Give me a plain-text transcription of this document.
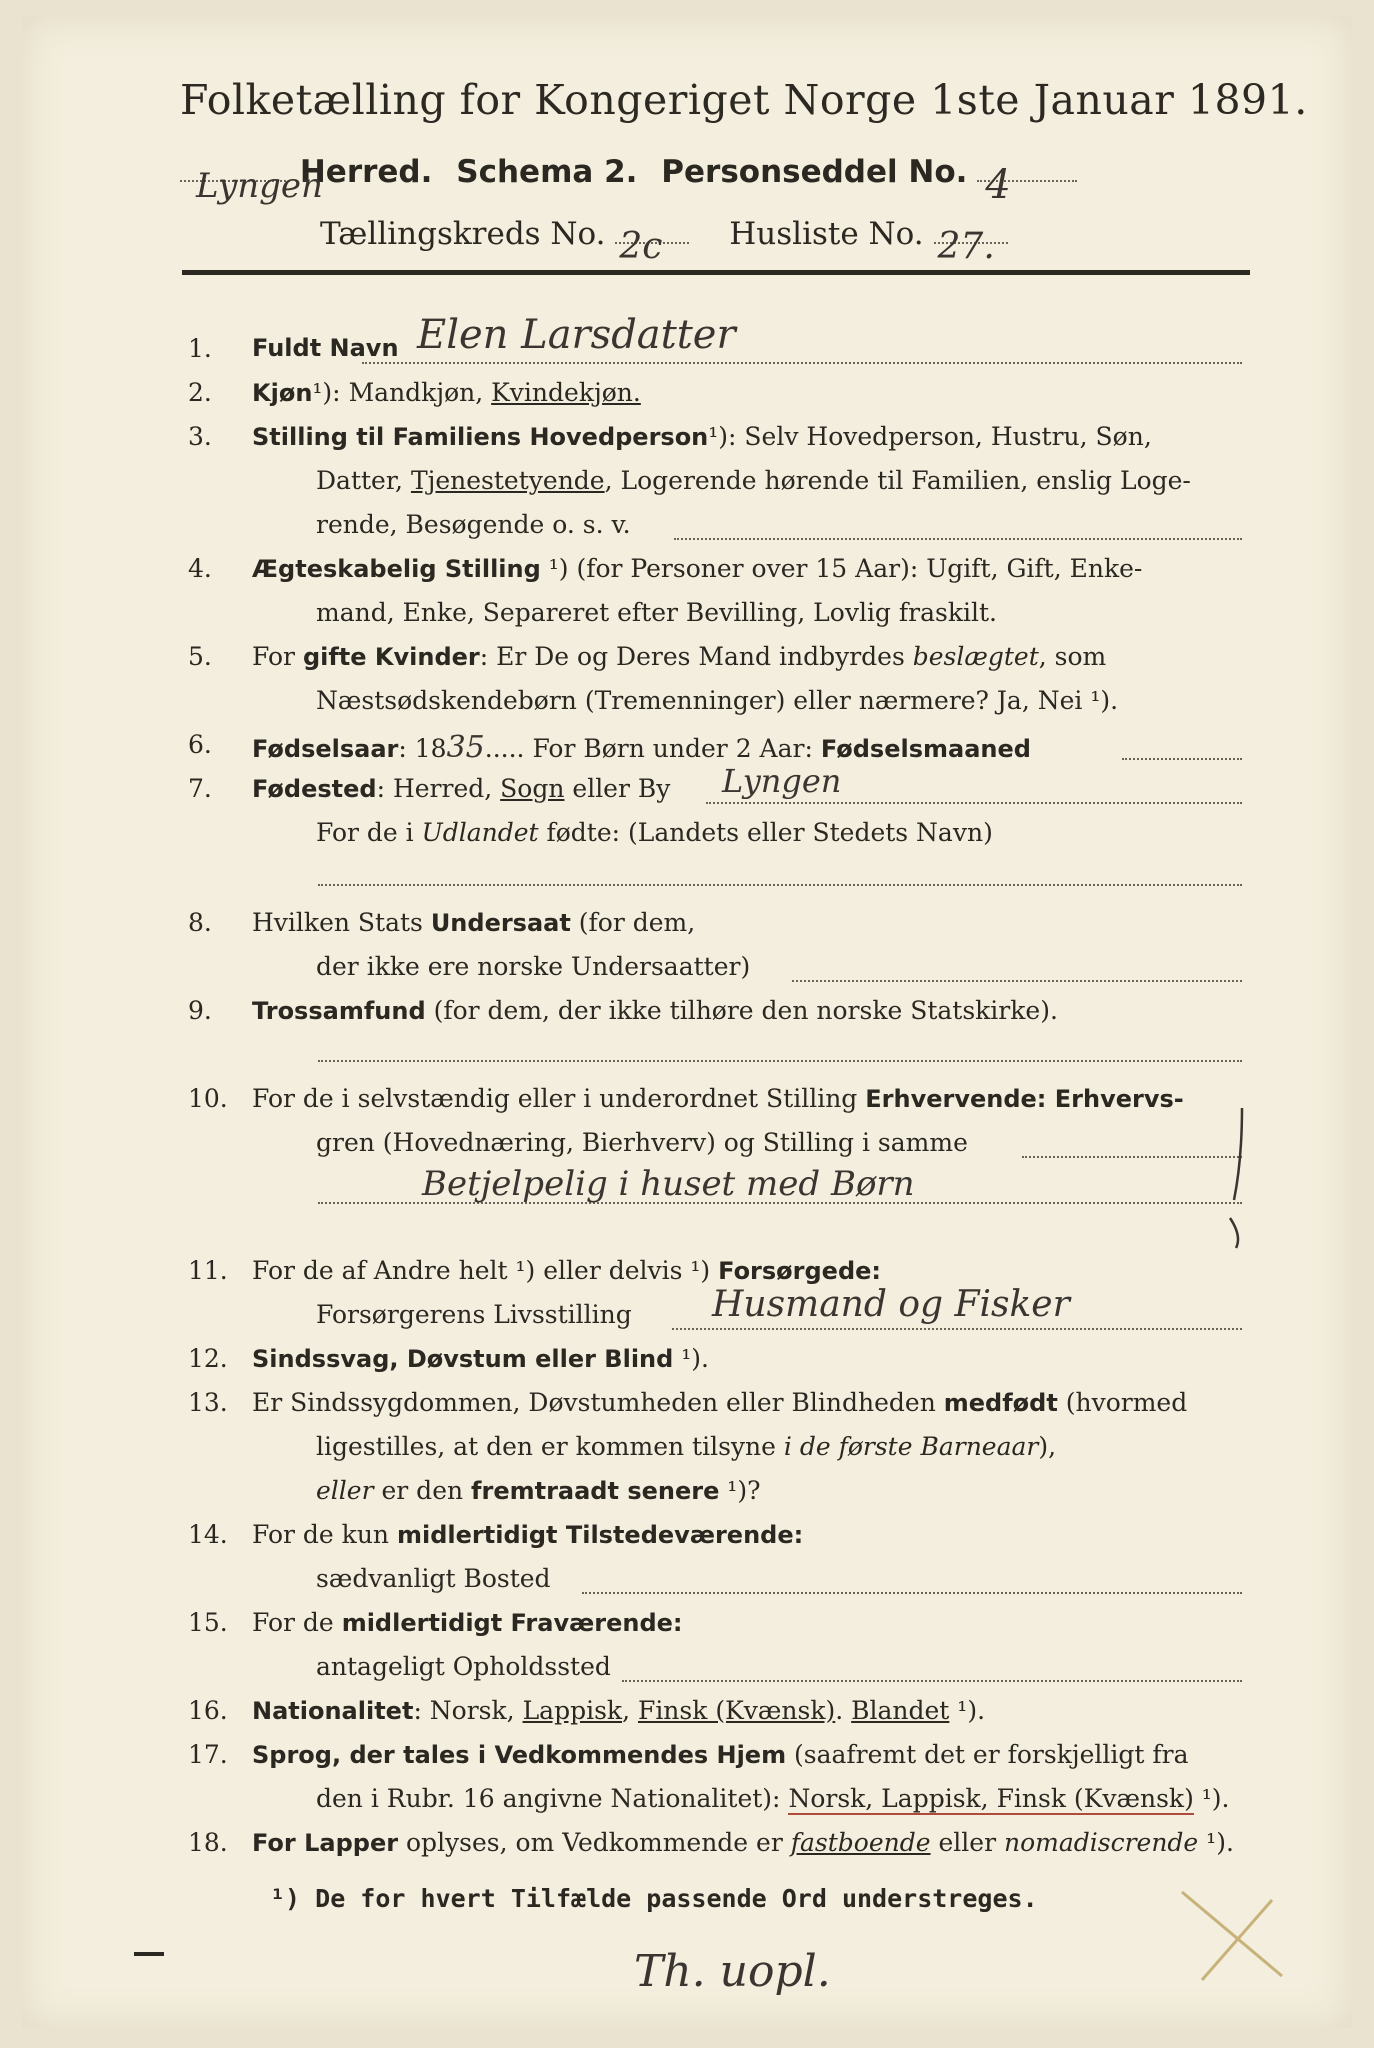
Folketælling for Kongeriget Norge 1ste Januar 1891.
Lyngen
Herred. Schema 2. Personseddel No. 4
Tællingskreds No. 2c Husliste No. 27.
1.	Fuldt Navn Elen Larsdatter
2.	Kjøn¹): Mandkjøn, Kvindekjøn.
3.	Stilling til Familiens Hovedperson¹): Selv Hovedperson, Hustru, Søn,
Datter, Tjenestetyende, Logerende hørende til Familien, enslig Loge-
rende, Besøgende o. s. v.
4.	Ægteskabelig Stilling ¹) (for Personer over 15 Aar): Ugift, Gift, Enke-
mand, Enke, Separeret efter Bevilling, Lovlig fraskilt.
5.	For gifte Kvinder: Er De og Deres Mand indbyrdes beslægtet, som
Næstsødskendebørn (Tremenninger) eller nærmere? Ja, Nei ¹).
6.	Fødselsaar: 1835..... For Børn under 2 Aar: Fødselsmaaned
7.	Fødested: Herred, Sogn eller By Lyngen
For de i Udlandet fødte: (Landets eller Stedets Navn)
8.	Hvilken Stats Undersaat (for dem,
der ikke ere norske Undersaatter)
9.	Trossamfund (for dem, der ikke tilhøre den norske Statskirke).
10. For de i selvstændig eller i underordnet Stilling Erhvervende: Erhvervs-
gren (Hovednæring, Bierhverv) og Stilling i samme
Betjelpelig i huset med Børn
11. For de af Andre helt ¹) eller delvis ¹) Forsørgede:
Forsørgerens Livsstilling Husmand og Fisker
12.	Sindssvag, Døvstum eller Blind ¹).
13. Er Sindssygdommen, Døvstumheden eller Blindheden medfødt (hvormed
ligestilles, at den er kommen tilsyne i de første Barneaar),
eller er den fremtraadt senere ¹)?
14. For de kun midlertidigt Tilstedeværende:
sædvanligt Bosted
15. For de midlertidigt Fraværende:
antageligt Opholdssted
16.	Nationalitet: Norsk, Lappisk, Finsk (Kvænsk). Blandet ¹).
17.	Sprog, der tales i Vedkommendes Hjem (saafremt det er forskjelligt fra
den i Rubr. 16 angivne Nationalitet): Norsk, Lappisk, Finsk (Kvænsk) ¹).
18.	For Lapper oplyses, om Vedkommende er fastboende eller nomadiscrende ¹).
¹) De for hvert Tilfælde passende Ord understreges.
Th. uopl.
